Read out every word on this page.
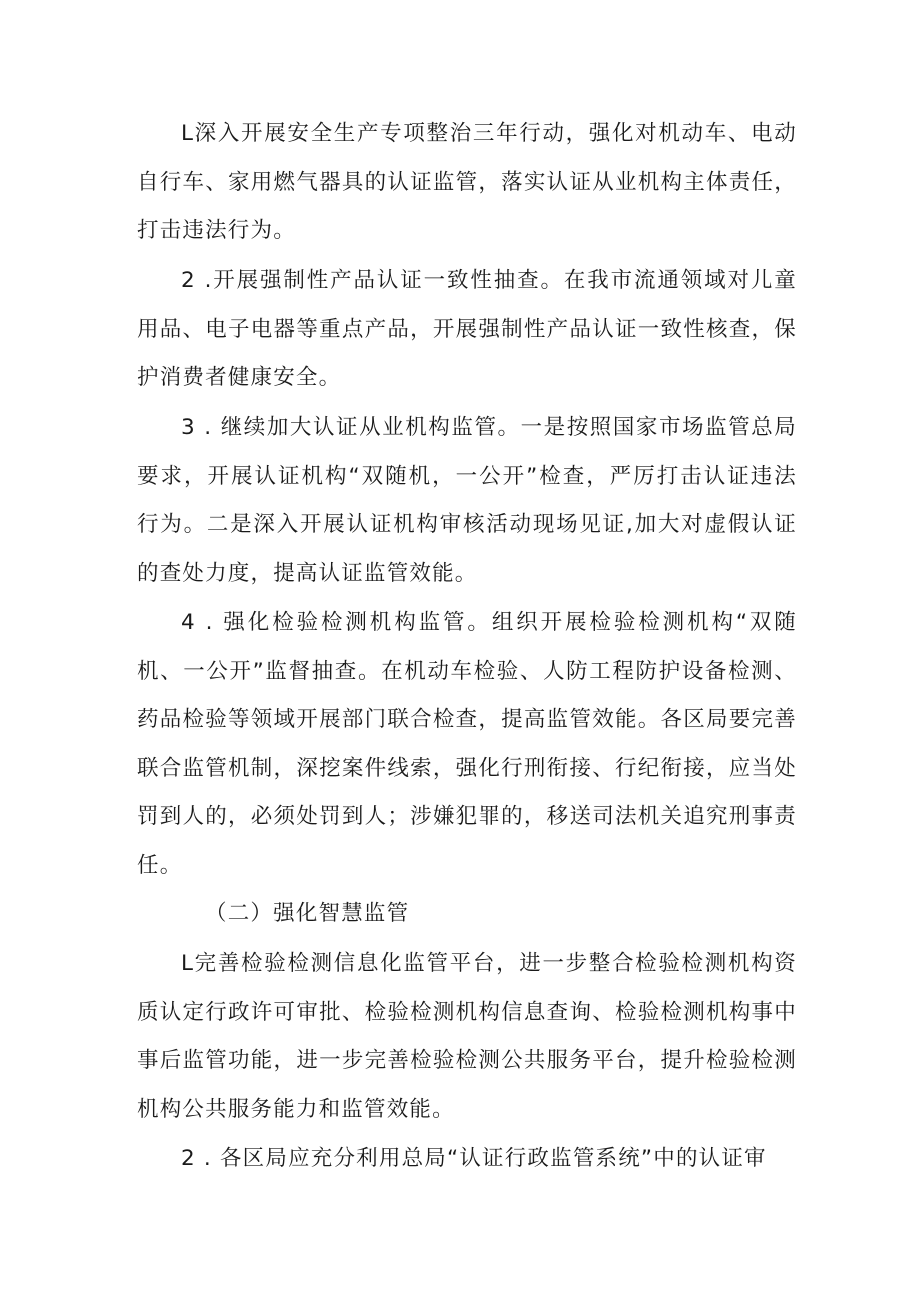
L深入开展安全生产专项整治三年行动，强化对机动车、电动自行车、家用燃气器具的认证监管，落实认证从业机构主体责任，打击违法行为。

2 .开展强制性产品认证一致性抽查。在我市流通领域对儿童用品、电子电器等重点产品，开展强制性产品认证一致性核查，保护消费者健康安全。

3 . 继续加大认证从业机构监管。一是按照国家市场监管总局要求，开展认证机构“双随机，一公开”检查，严厉打击认证违法行为。二是深入开展认证机构审核活动现场见证,加大对虚假认证的查处力度，提高认证监管效能。

4 . 强化检验检测机构监管。组织开展检验检测机构“双随机、一公开”监督抽查。在机动车检验、人防工程防护设备检测、药品检验等领域开展部门联合检查，提高监管效能。各区局要完善联合监管机制，深挖案件线索，强化行刑衔接、行纪衔接，应当处罚到人的，必须处罚到人；涉嫌犯罪的，移送司法机关追究刑事责任。

（二）强化智慧监管

L完善检验检测信息化监管平台，进一步整合检验检测机构资质认定行政许可审批、检验检测机构信息查询、检验检测机构事中事后监管功能，进一步完善检验检测公共服务平台，提升检验检测机构公共服务能力和监管效能。

2 . 各区局应充分利用总局“认证行政监管系统”中的认证审
